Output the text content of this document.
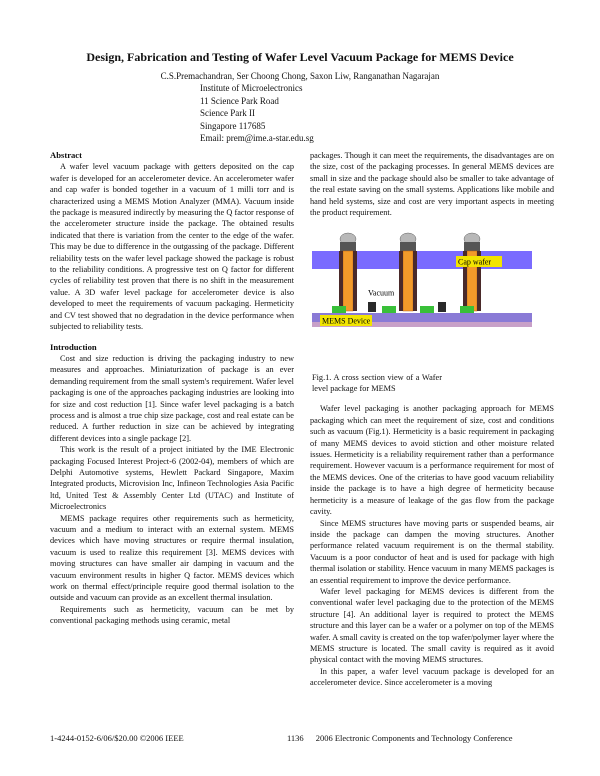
Design, Fabrication and Testing of Wafer Level Vacuum Package for MEMS Device
C.S.Premachandran, Ser Choong Chong, Saxon Liw, Ranganathan Nagarajan
Institute of Microelectronics
11 Science Park Road
Science Park II
Singapore 117685
Email: prem@ime.a-star.edu.sg
Abstract

A wafer level vacuum package with getters deposited on the cap wafer is developed for an accelerometer device. An accelerometer wafer and cap wafer is bonded together in a vacuum of 1 milli torr and is characterized using a MEMS Motion Analyzer (MMA). Vacuum inside the package is measured indirectly by measuring the Q factor response of the accelerometer structure inside the package. The obtained results indicated that there is variation from the center to the edge of the wafer. This may be due to difference in the outgassing of the package. Different reliability tests on the wafer level package showed the package is robust to the reliability conditions. A progressive test on Q factor for different cycles of reliability test proven that there is no shift in the measurement value. A 3D wafer level package for accelerometer device is also developed to meet the requirements of vacuum packaging. Hermeticity and CV test showed that no degradation in the device performance when subjected to reliability tests.

Introduction

Cost and size reduction is driving the packaging industry to new measures and approaches. Miniaturization of package is an ever demanding requirement from the small system's requirement. Wafer level packaging is one of the approaches packaging industries are looking into for size and cost reduction [1]. Since wafer level packaging is a batch process and is almost a true chip size package, cost and real estate can be reduced. A further reduction in size can be achieved by integrating different devices into a single package [2].

This work is the result of a project initiated by the IME Electronic packaging Focused Interest Project-6 (2002-04), members of which are Delphi Automotive systems, Hewlett Packard Singapore, Maxim Integrated products, Microvision Inc, Infineon Technologies Asia Pacific ltd, United Test & Assembly Center Ltd (UTAC) and Institute of Microelectronics

MEMS package requires other requirements such as hermeticity, vacuum and a medium to interact with an external system. MEMS devices which have moving structures or require thermal insulation, vacuum is used to realize this requirement [3]. MEMS devices with moving structures can have smaller air damping in vacuum and the vacuum environment results in higher Q factor. MEMS devices which work on thermal effect/principle require good thermal isolation to the outside and vacuum can provide as an excellent thermal insulation.

Requirements such as hermeticity, vacuum can be met by conventional packaging methods using ceramic, metal

packages. Though it can meet the requirements, the disadvantages are on the size, cost of the packaging processes. In general MEMS devices are small in size and the package should also be smaller to take advantage of the real estate saving on the small systems. Applications like mobile and hand held systems, size and cost are very important aspects in meeting the product requirement.

Cap wafer
Vacuum
MEMS Device

Fig.1. A cross section view of a Wafer level package for MEMS

Wafer level packaging is another packaging approach for MEMS packaging which can meet the requirement of size, cost and conditions such as vacuum (Fig.1). Hermeticity is a basic requirement in packaging of many MEMS devices to avoid stiction and other moisture related issues. Hermeticity is a reliability requirement rather than a performance requirement. However vacuum is a performance requirement for most of the MEMS devices. One of the criterias to have good vacuum reliability inside the package is to have a high degree of hermeticity because hermeticity is a measure of leakage of the gas flow from the package cavity.

Since MEMS structures have moving parts or suspended beams, air inside the package can dampen the moving structures. Another performance related vacuum requirement is on the thermal stability. Vacuum is a poor conductor of heat and is used for package with high thermal isolation or stability. Hence vacuum in many MEMS packages is an essential requirement to improve the device performance.

Wafer level packaging for MEMS devices is different from the conventional wafer level packaging due to the protection of the MEMS structure [4]. An additional layer is required to protect the MEMS structure and this layer can be a wafer or a polymer on top of the MEMS wafer. A small cavity is created on the top wafer/polymer layer where the MEMS structure is located. The small cavity is required as it avoid physical contact with the moving MEMS structures.

In this paper, a wafer level vacuum package is developed for an accelerometer device. Since accelerometer is a moving

1-4244-0152-6/06/$20.00 ©2006 IEEE	1136 2006 Electronic Components and Technology Conference
